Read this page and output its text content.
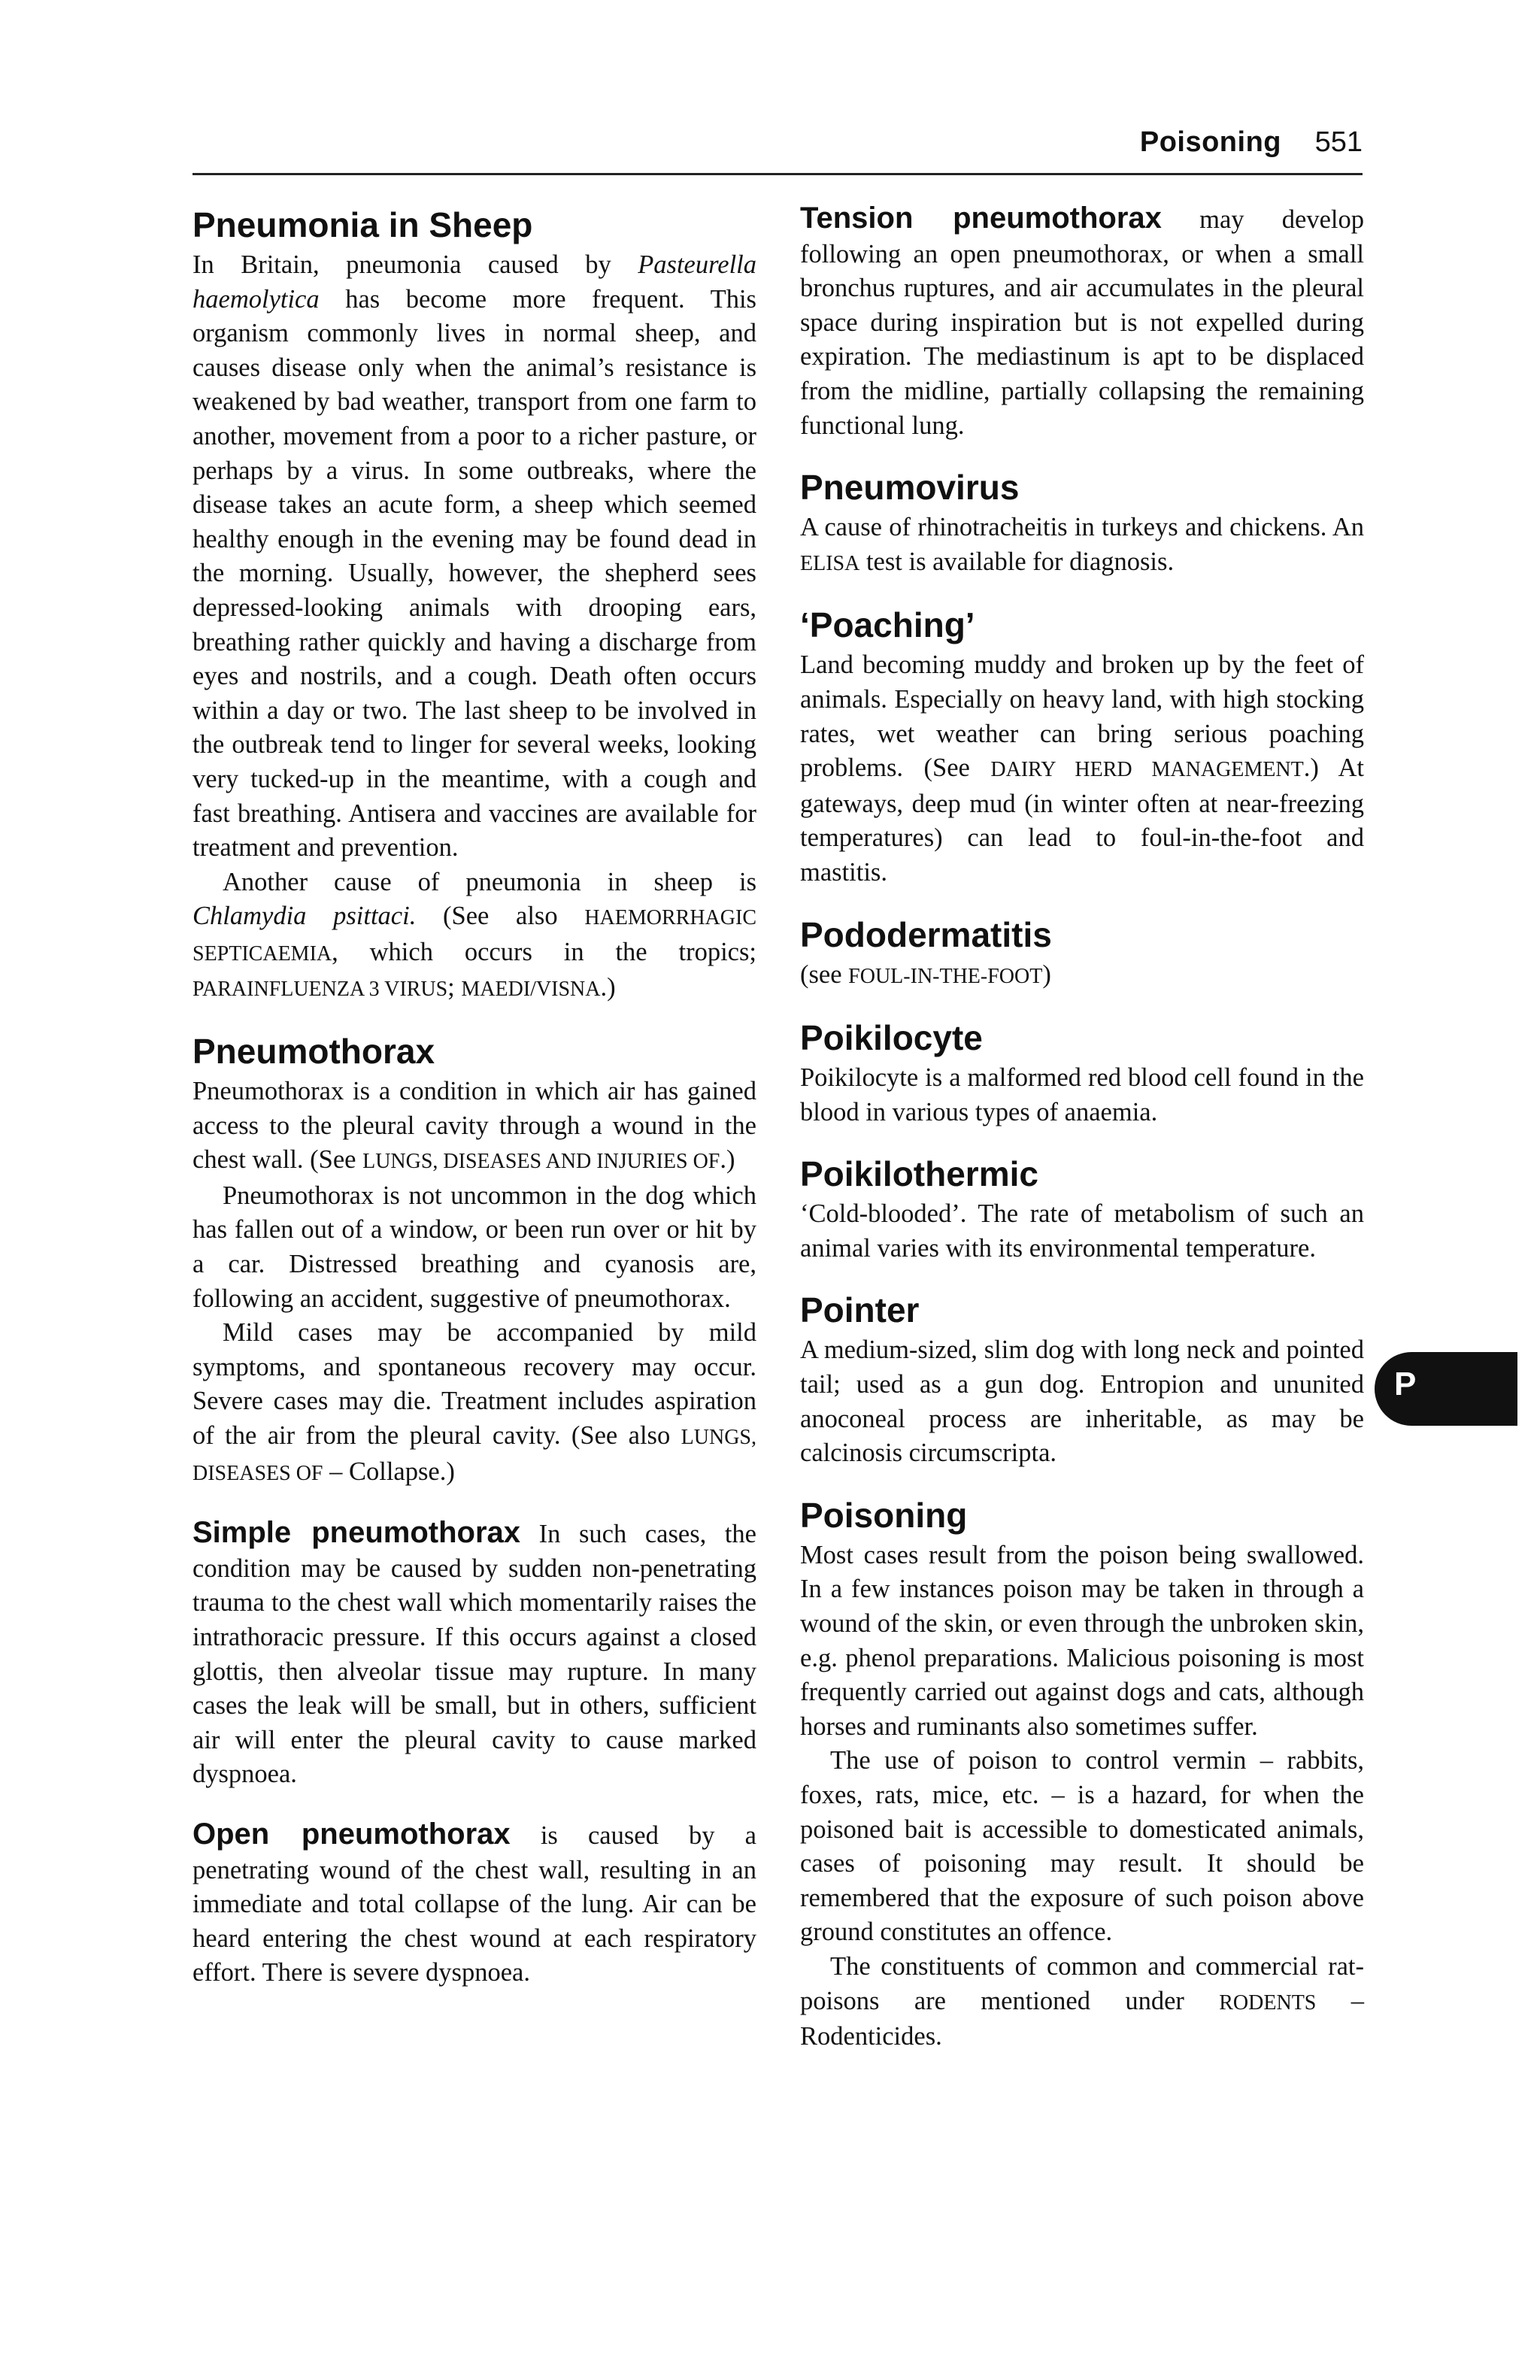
Poisoning 551
P
Pneumonia in Sheep

In Britain, pneumonia caused by Pasteurella haemolytica has become more frequent. This organism commonly lives in normal sheep, and causes disease only when the animal’s resistance is weakened by bad weather, transport from one farm to another, movement from a poor to a richer pasture, or perhaps by a virus. In some outbreaks, where the disease takes an acute form, a sheep which seemed healthy enough in the evening may be found dead in the morning. Usually, however, the shepherd sees depressed-looking animals with drooping ears, breathing rather quickly and having a discharge from eyes and nostrils, and a cough. Death often occurs within a day or two. The last sheep to be involved in the outbreak tend to linger for several weeks, looking very tucked-up in the meantime, with a cough and fast breathing. Antisera and vaccines are available for treatment and prevention.

Another cause of pneumonia in sheep is Chlamydia psittaci. (See also HAEMORRHAGIC SEPTICAEMIA, which occurs in the tropics; PARAINFLUENZA 3 VIRUS; MAEDI/VISNA.)

Pneumothorax

Pneumothorax is a condition in which air has gained access to the pleural cavity through a wound in the chest wall. (See LUNGS, DISEASES AND INJURIES OF.)

Pneumothorax is not uncommon in the dog which has fallen out of a window, or been run over or hit by a car. Distressed breathing and cyanosis are, following an accident, suggestive of pneumothorax.

Mild cases may be accompanied by mild symptoms, and spontaneous recovery may occur. Severe cases may die. Treatment includes aspiration of the air from the pleural cavity. (See also LUNGS, DISEASES OF – Collapse.)

Simple pneumothorax In such cases, the condition may be caused by sudden non-penetrating trauma to the chest wall which momentarily raises the intrathoracic pressure. If this occurs against a closed glottis, then alveolar tissue may rupture. In many cases the leak will be small, but in others, sufficient air will enter the pleural cavity to cause marked dyspnoea.

Open pneumothorax is caused by a penetrating wound of the chest wall, resulting in an immediate and total collapse of the lung. Air can be heard entering the chest wound at each respiratory effort. There is severe dyspnoea.

Tension pneumothorax may develop following an open pneumothorax, or when a small bronchus ruptures, and air accumulates in the pleural space during inspiration but is not expelled during expiration. The mediastinum is apt to be displaced from the midline, partially collapsing the remaining functional lung.

Pneumovirus

A cause of rhinotracheitis in turkeys and chickens. An ELISA test is available for diagnosis.

‘Poaching’

Land becoming muddy and broken up by the feet of animals. Especially on heavy land, with high stocking rates, wet weather can bring serious poaching problems. (See DAIRY HERD MANAGEMENT.) At gateways, deep mud (in winter often at near-freezing temperatures) can lead to foul-in-the-foot and mastitis.

Pododermatitis

(see FOUL-IN-THE-FOOT)

Poikilocyte

Poikilocyte is a malformed red blood cell found in the blood in various types of anaemia.

Poikilothermic

‘Cold-blooded’. The rate of metabolism of such an animal varies with its environmental temperature.

Pointer

A medium-sized, slim dog with long neck and pointed tail; used as a gun dog. Entropion and ununited anoconeal process are inheritable, as may be calcinosis circumscripta.

Poisoning

Most cases result from the poison being swallowed. In a few instances poison may be taken in through a wound of the skin, or even through the unbroken skin, e.g. phenol preparations. Malicious poisoning is most frequently carried out against dogs and cats, although horses and ruminants also sometimes suffer.

The use of poison to control vermin – rabbits, foxes, rats, mice, etc. – is a hazard, for when the poisoned bait is accessible to domesticated animals, cases of poisoning may result. It should be remembered that the exposure of such poison above ground constitutes an offence.

The constituents of common and commercial rat-poisons are mentioned under RODENTS – Rodenticides.
